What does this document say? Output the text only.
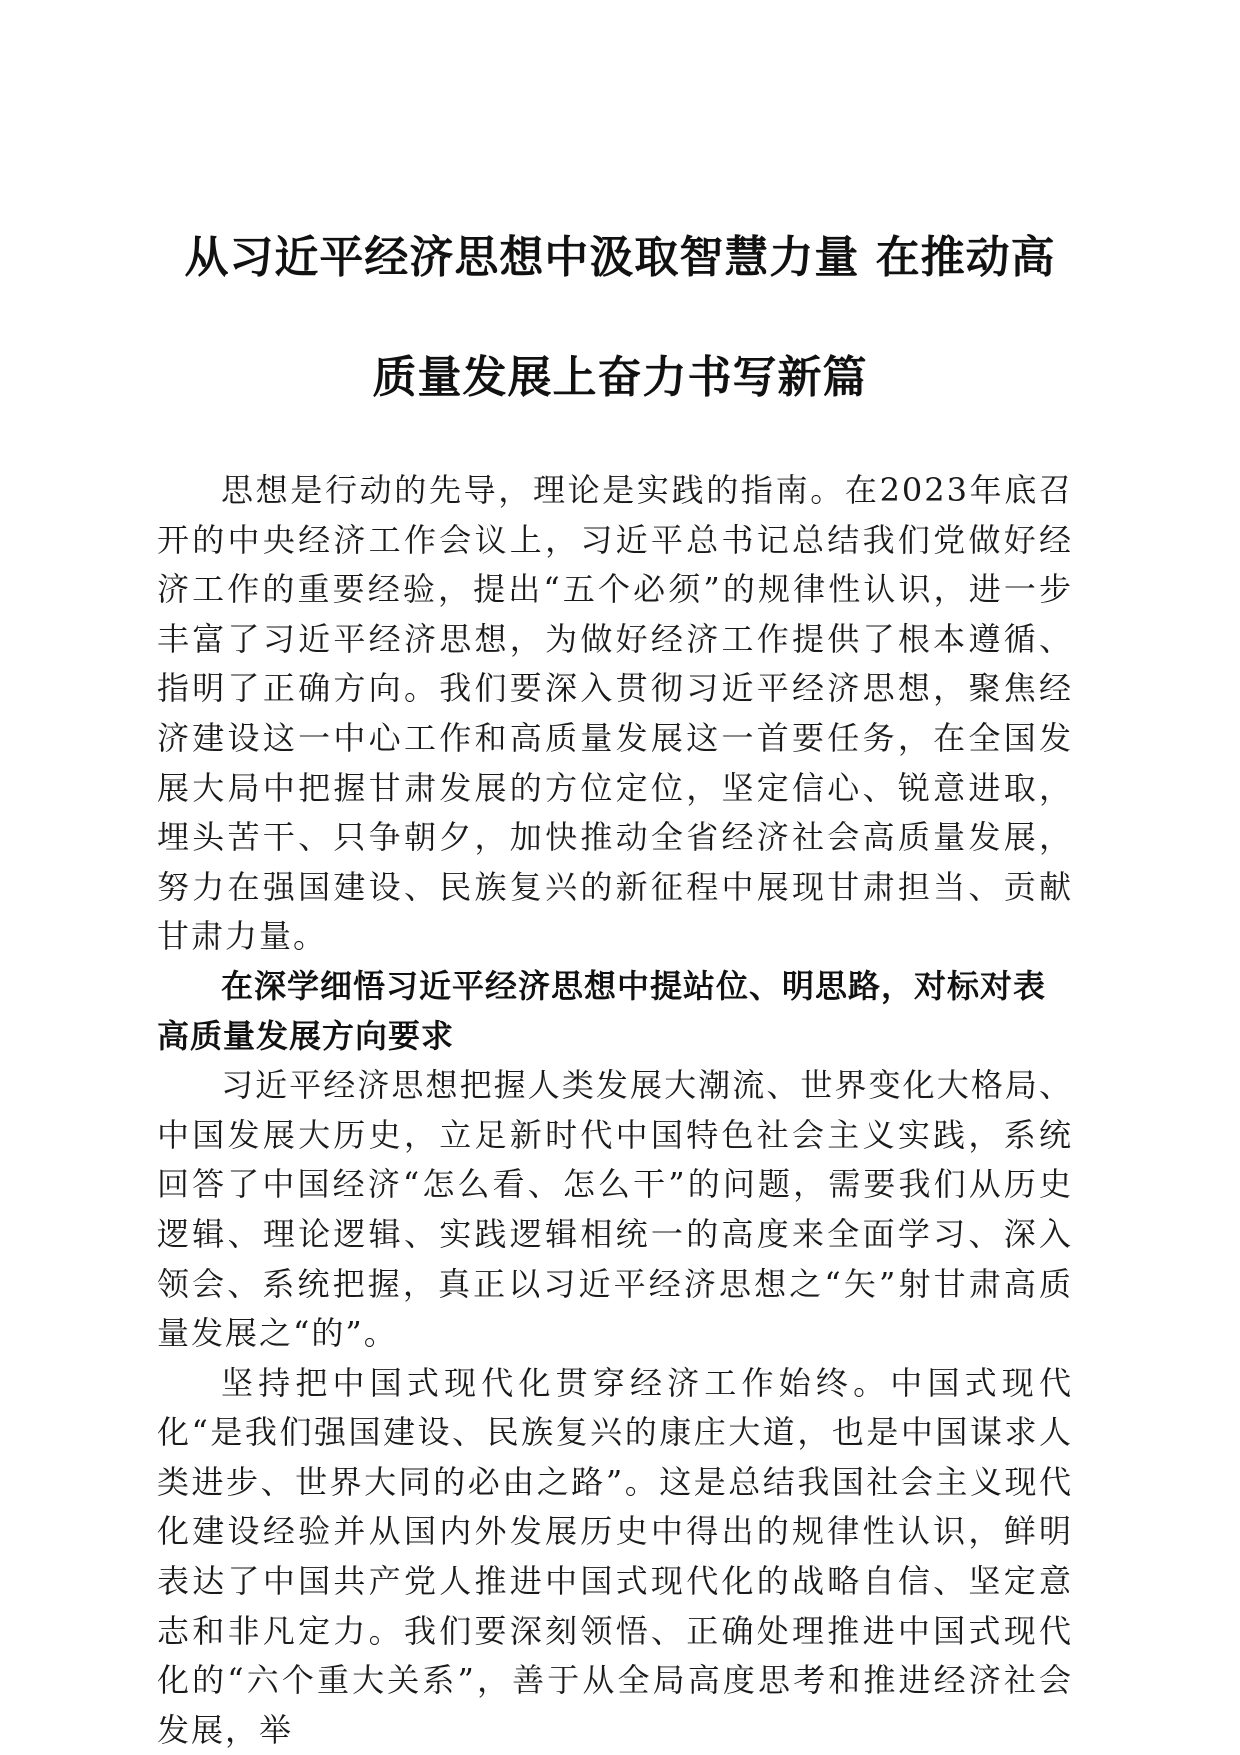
从习近平经济思想中汲取智慧力量 在推动高
质量发展上奋力书写新篇

思想是行动的先导，理论是实践的指南。在2023年底召开的中央经济工作会议上，习近平总书记总结我们党做好经济工作的重要经验，提出“五个必须”的规律性认识，进一步丰富了习近平经济思想，为做好经济工作提供了根本遵循、指明了正确方向。我们要深入贯彻习近平经济思想，聚焦经济建设这一中心工作和高质量发展这一首要任务，在全国发展大局中把握甘肃发展的方位定位，坚定信心、锐意进取，埋头苦干、只争朝夕，加快推动全省经济社会高质量发展，努力在强国建设、民族复兴的新征程中展现甘肃担当、贡献甘肃力量。

在深学细悟习近平经济思想中提站位、明思路，对标对表高质量发展方向要求

习近平经济思想把握人类发展大潮流、世界变化大格局、中国发展大历史，立足新时代中国特色社会主义实践，系统回答了中国经济“怎么看、怎么干”的问题，需要我们从历史逻辑、理论逻辑、实践逻辑相统一的高度来全面学习、深入领会、系统把握，真正以习近平经济思想之“矢”射甘肃高质量发展之“的”。

坚持把中国式现代化贯穿经济工作始终。中国式现代化“是我们强国建设、民族复兴的康庄大道，也是中国谋求人类进步、世界大同的必由之路”。这是总结我国社会主义现代化建设经验并从国内外发展历史中得出的规律性认识，鲜明表达了中国共产党人推进中国式现代化的战略自信、坚定意志和非凡定力。我们要深刻领悟、正确处理推进中国式现代化的“六个重大关系”，善于从全局高度思考和推进经济社会发展，举
